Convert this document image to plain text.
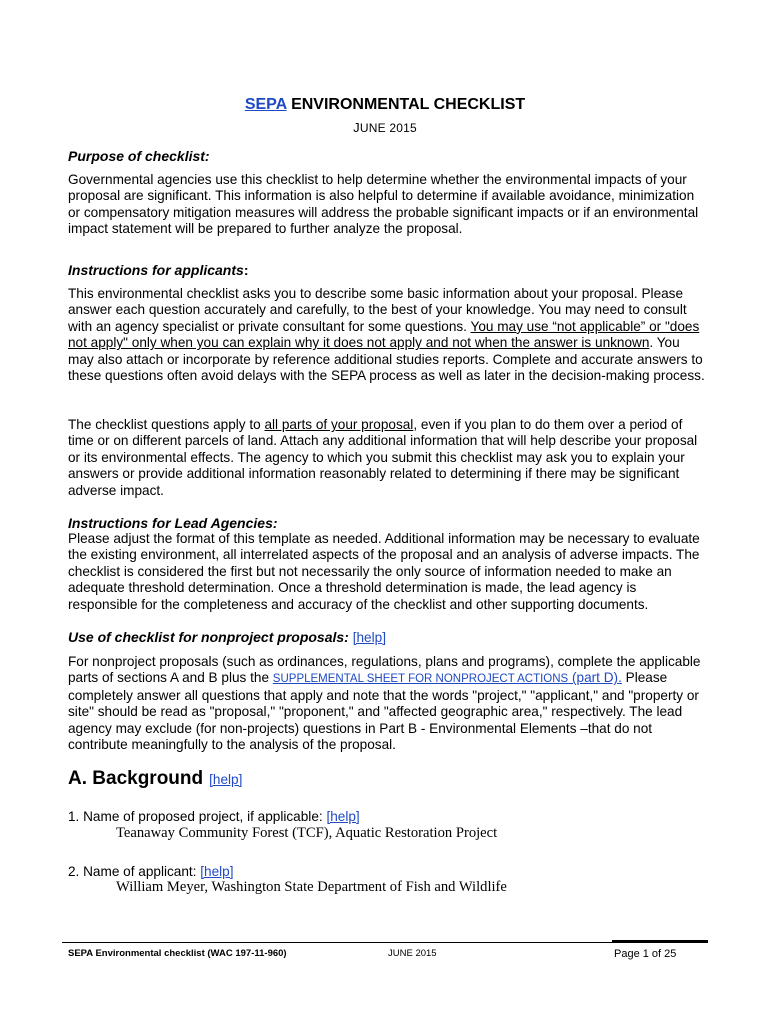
SEPA ENVIRONMENTAL CHECKLIST
JUNE 2015
Purpose of checklist:
Governmental agencies use this checklist to help determine whether the environmental impacts of your proposal are significant. This information is also helpful to determine if available avoidance, minimization or compensatory mitigation measures will address the probable significant impacts or if an environmental impact statement will be prepared to further analyze the proposal.
Instructions for applicants:
This environmental checklist asks you to describe some basic information about your proposal. Please answer each question accurately and carefully, to the best of your knowledge. You may need to consult with an agency specialist or private consultant for some questions. You may use “not applicable” or "does not apply" only when you can explain why it does not apply and not when the answer is unknown. You may also attach or incorporate by reference additional studies reports. Complete and accurate answers to these questions often avoid delays with the SEPA process as well as later in the decision-making process.
The checklist questions apply to all parts of your proposal, even if you plan to do them over a period of time or on different parcels of land. Attach any additional information that will help describe your proposal or its environmental effects. The agency to which you submit this checklist may ask you to explain your answers or provide additional information reasonably related to determining if there may be significant adverse impact.
Instructions for Lead Agencies:
Please adjust the format of this template as needed. Additional information may be necessary to evaluate the existing environment, all interrelated aspects of the proposal and an analysis of adverse impacts. The checklist is considered the first but not necessarily the only source of information needed to make an adequate threshold determination. Once a threshold determination is made, the lead agency is responsible for the completeness and accuracy of the checklist and other supporting documents.
Use of checklist for nonproject proposals: [help]
For nonproject proposals (such as ordinances, regulations, plans and programs), complete the applicable parts of sections A and B plus the SUPPLEMENTAL SHEET FOR NONPROJECT ACTIONS (part D). Please completely answer all questions that apply and note that the words "project," "applicant," and "property or site" should be read as "proposal," "proponent," and "affected geographic area," respectively. The lead agency may exclude (for non-projects) questions in Part B - Environmental Elements –that do not contribute meaningfully to the analysis of the proposal.
A. Background [help]
1. Name of proposed project, if applicable: [help]
Teanaway Community Forest (TCF), Aquatic Restoration Project
2. Name of applicant: [help]
William Meyer, Washington State Department of Fish and Wildlife
SEPA Environmental checklist (WAC 197-11-960)	JUNE 2015	Page 1 of 25
